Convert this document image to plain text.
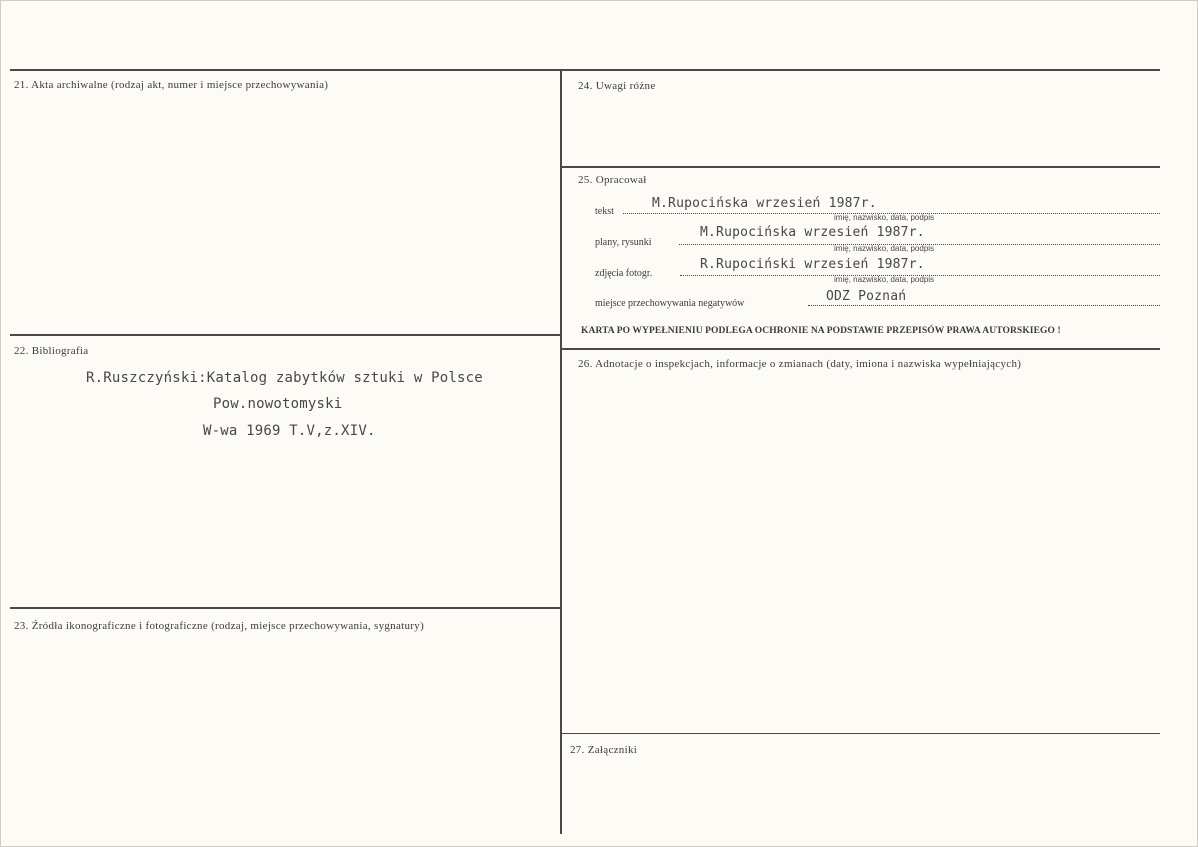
21. Akta archiwalne (rodzaj akt, numer i miejsce przechowywania)
22. Bibliografia
R.Ruszczyński:Katalog zabytków sztuki w Polsce
Pow.nowotomyski
W-wa 1969 T.V,z.XIV.
23. Źródła ikonograficzne i fotograficzne (rodzaj, miejsce przechowywania, sygnatury)
24. Uwagi różne
25. Opracował
tekst
M.Rupocińska wrzesień 1987r.
imię, nazwisko, data, podpis
plany, rysunki
M.Rupocińska wrzesień 1987r.
imię, nazwisko, data, podpis
zdjęcia fotogr.
R.Rupociński wrzesień 1987r.
imię, nazwisko, data, podpis
miejsce przechowywania negatywów	ODZ Poznań
KARTA PO WYPEŁNIENIU PODLEGA OCHRONIE NA PODSTAWIE PRZEPISÓW PRAWA AUTORSKIEGO !
26. Adnotacje o inspekcjach, informacje o zmianach (daty, imiona i nazwiska wypełniających)
27. Załączniki
